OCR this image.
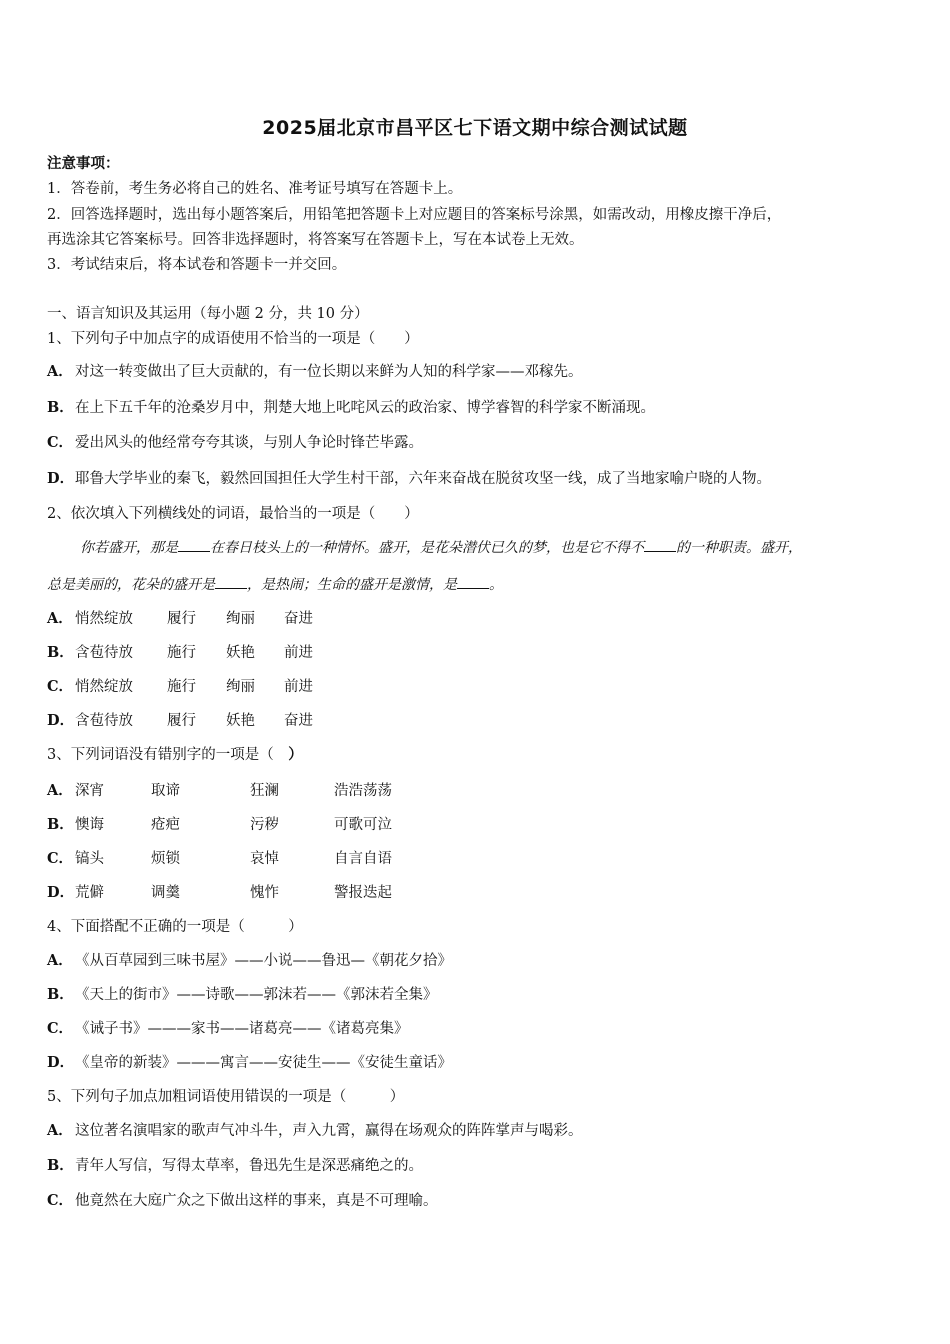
2025届北京市昌平区七下语文期中综合测试试题
注意事项：
1．答卷前，考生务必将自己的姓名、准考证号填写在答题卡上。
2．回答选择题时，选出每小题答案后，用铅笔把答题卡上对应题目的答案标号涂黑，如需改动，用橡皮擦干净后，
再选涂其它答案标号。回答非选择题时，将答案写在答题卡上，写在本试卷上无效。
3．考试结束后，将本试卷和答题卡一并交回。
一、语言知识及其运用（每小题 2 分，共 10 分）
1、下列句子中加点字的成语使用不恰当的一项是（　　）
A． 对这一转变做出了巨大贡献的，有一位长期以来鲜为人知的科学家——邓稼先。
B．在上下五千年的沧桑岁月中，荆楚大地上叱咤风云的政治家、博学睿智的科学家不断涌现。
C． 爱出风头的他经常夸夸其谈，与别人争论时锋芒毕露。
D．耶鲁大学毕业的秦飞，毅然回国担任大学生村干部，六年来奋战在脱贫攻坚一线，成了当地家喻户晓的人物。
2、依次填入下列横线处的词语，最恰当的一项是（　　）
你若盛开，那是 在春日枝头上的一种情怀。盛开，是花朵潜伏已久的梦，也是它不得不 的一种职责。盛开，
总是美丽的，花朵的盛开是 ，是热闹；生命的盛开是激情，是 。
A． 悄然绽放 履行 绚丽 奋进
B．含苞待放 施行 妖艳 前进
C． 悄然绽放 施行 绚丽 前进
D．含苞待放 履行 妖艳 奋进
3、下列词语没有错别字的一项是（　）
A． 深宵	取谛	狂澜	浩浩荡荡
B．懊诲	疮疤	污秽	可歌可泣
C． 镐头	烦锁	哀悼	自言自语
D．荒僻	调羹	愧怍	警报迭起
4、下面搭配不正确的一项是（　　　）
A． 《从百草园到三味书屋》——小说——鲁迅—《朝花夕拾》
B．《天上的街市》——诗歌——郭沫若——《郭沫若全集》
C． 《诫子书》———家书——诸葛亮——《诸葛亮集》
D．《皇帝的新装》———寓言——安徒生——《安徒生童话》
5、下列句子加点加粗词语使用错误的一项是（　　　）
A． 这位著名演唱家的歌声气冲斗牛，声入九霄，赢得在场观众的阵阵掌声与喝彩。
B．青年人写信，写得太草率，鲁迅先生是深恶痛绝之的。
C． 他竟然在大庭广众之下做出这样的事来，真是不可理喻。
